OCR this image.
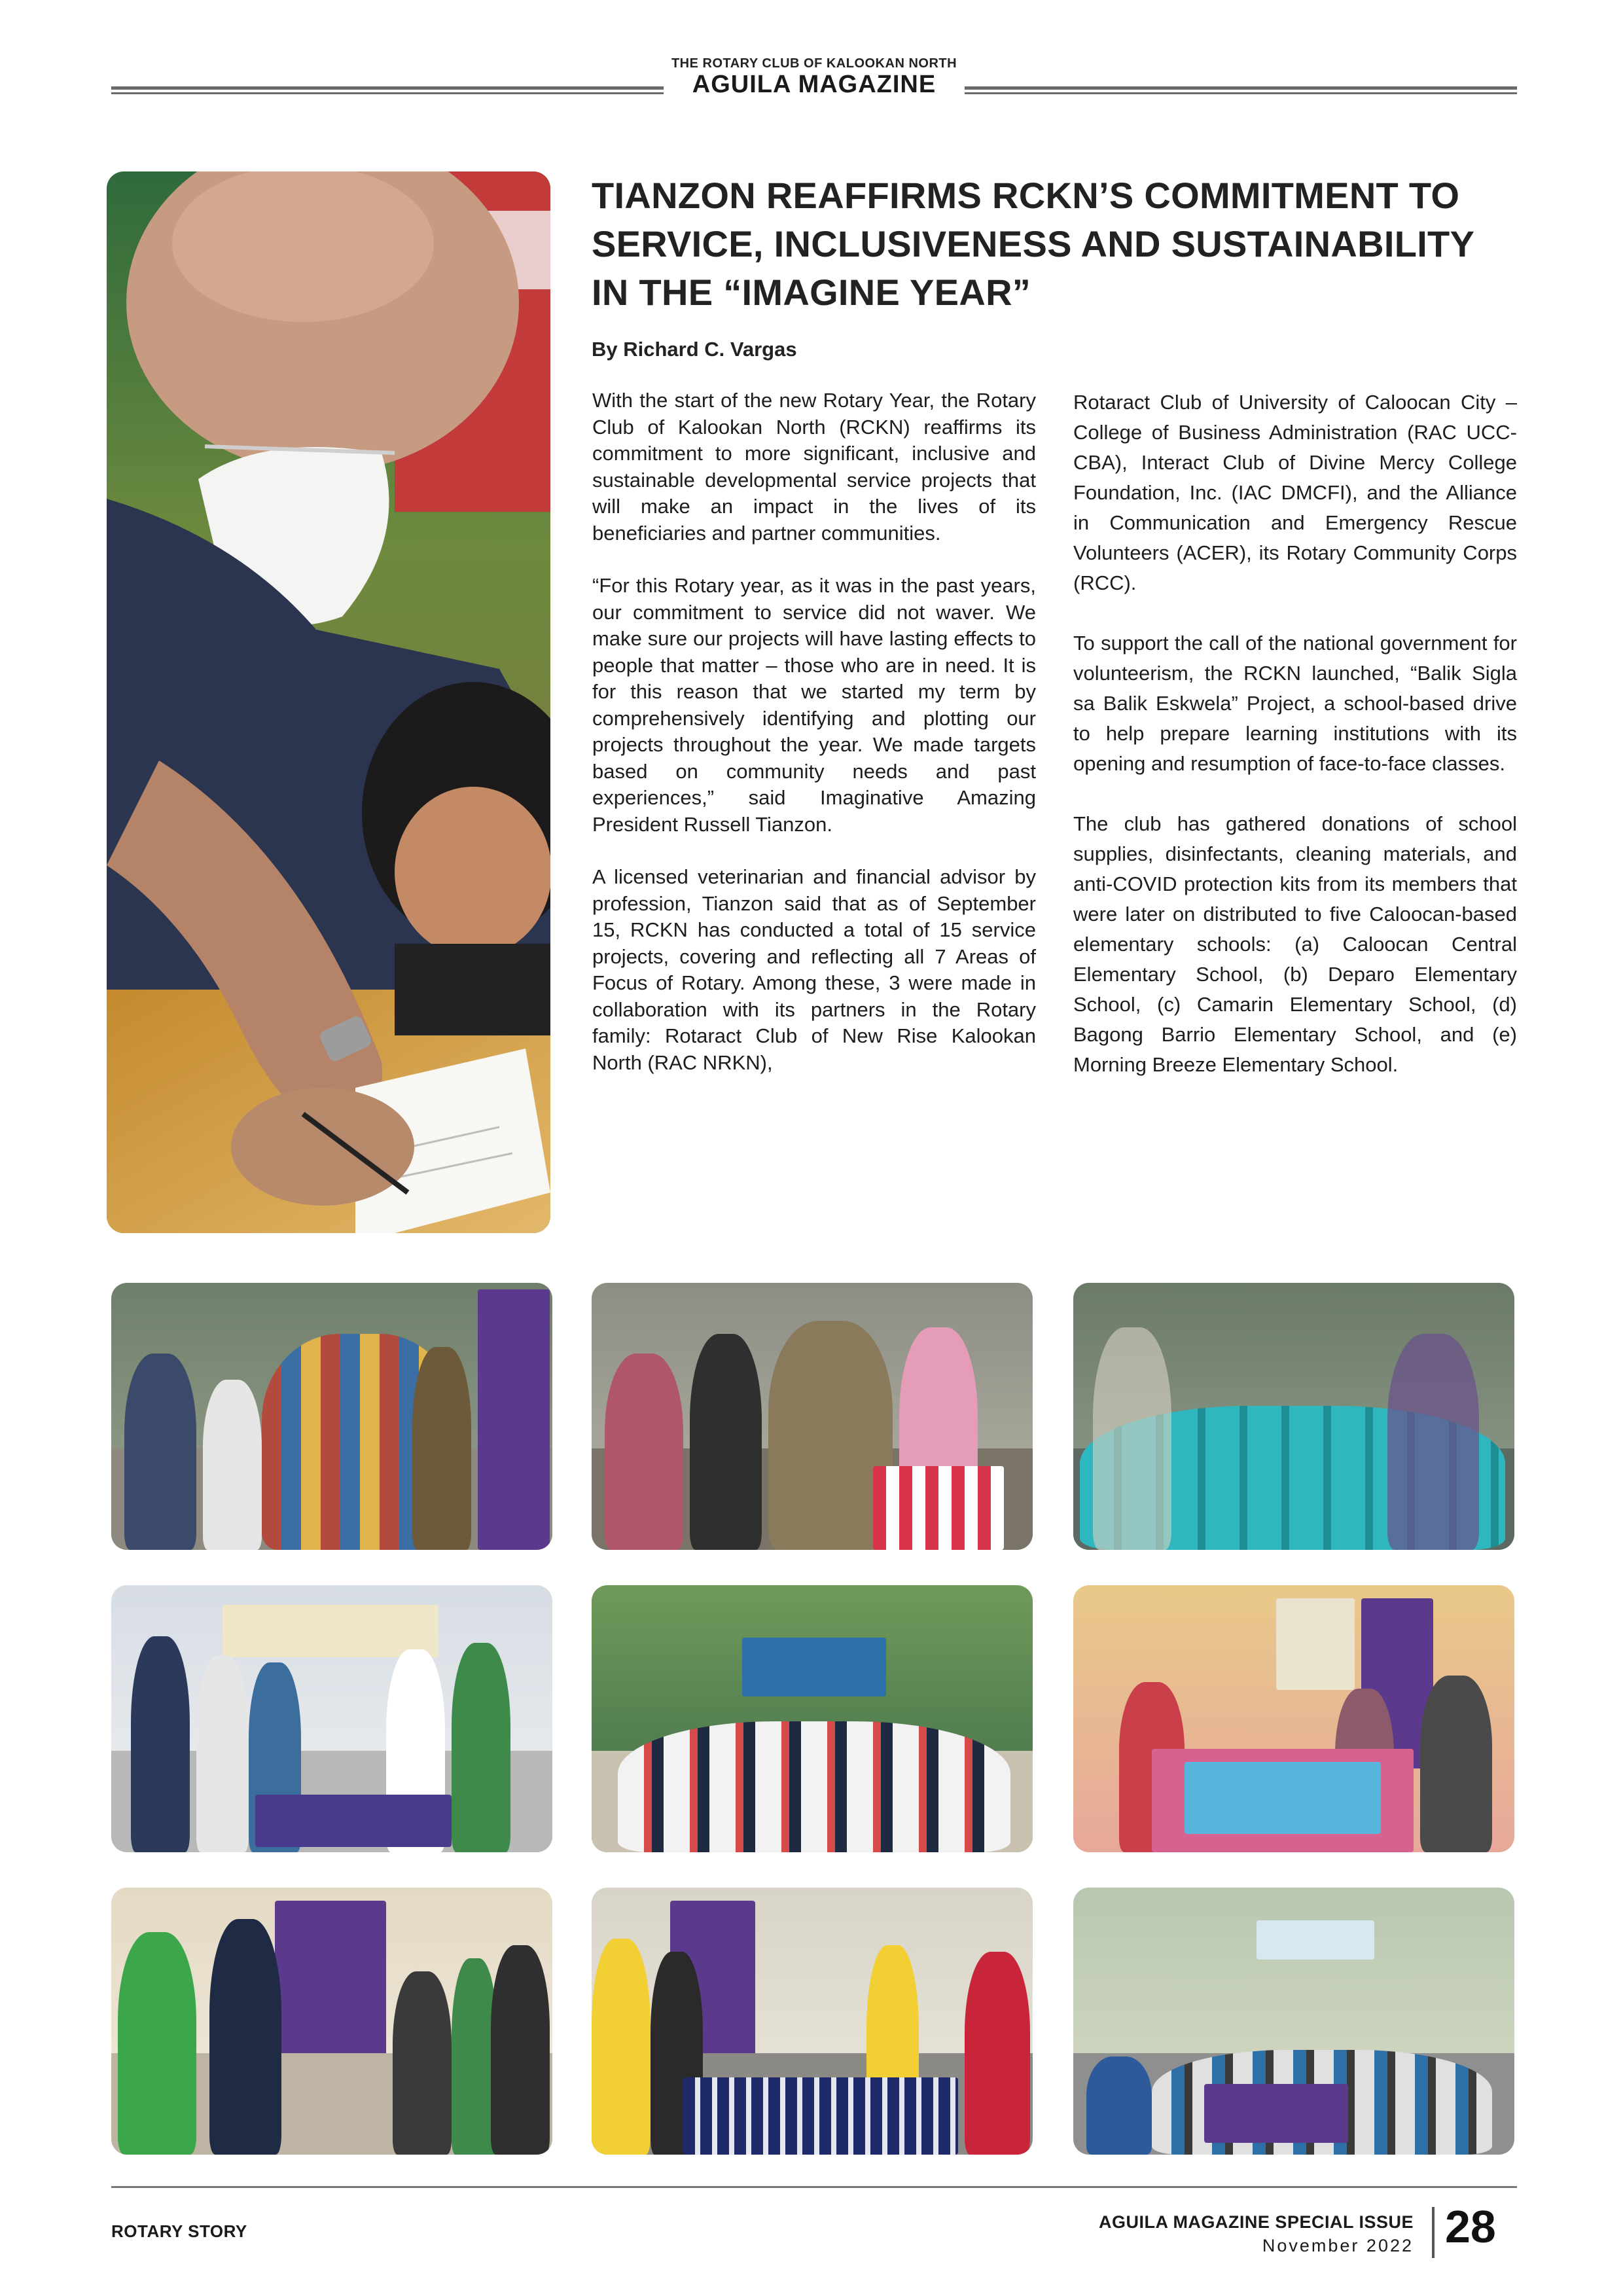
THE ROTARY CLUB OF KALOOKAN NORTH
AGUILA MAGAZINE
TIANZON REAFFIRMS RCKN’S COMMITMENT TO SERVICE, INCLUSIVENESS AND SUSTAINABILITY IN THE “IMAGINE YEAR”
By Richard C. Vargas

With the start of the new Rotary Year, the Rotary Club of Kalookan North (RCKN) reaffirms its commitment to more significant, inclusive and sustainable developmental service projects that will make an impact in the lives of its beneficiaries and partner communities.

“For this Rotary year, as it was in the past years, our commitment to service did not waver. We make sure our projects will have lasting effects to people that matter – those who are in need. It is for this reason that we started my term by comprehensively identifying and plotting our projects throughout the year. We made targets based on community needs and past experiences,” said Imaginative Amazing President Russell Tianzon.

A licensed veterinarian and financial advisor by profession, Tianzon said that as of September 15, RCKN has conducted a total of 15 service projects, covering and reflecting all 7 Areas of Focus of Rotary. Among these, 3 were made in collaboration with its partners in the Rotary family: Rotaract Club of New Rise Kalookan North (RAC NRKN),

Rotaract Club of University of Caloocan City – College of Business Administration (RAC UCC-CBA), Interact Club of Divine Mercy College Foundation, Inc. (IAC DMCFI), and the Alliance in Communication and Emergency Rescue Volunteers (ACER), its Rotary Community Corps (RCC).

To support the call of the national government for volunteerism, the RCKN launched, “Balik Sigla sa Balik Eskwela” Project, a school-based drive to help prepare learning institutions with its opening and resumption of face-to-face classes.

The club has gathered donations of school supplies, disinfectants, cleaning materials, and anti-COVID protection kits from its members that were later on distributed to five Caloocan-based elementary schools: (a) Caloocan Central Elementary School, (b) Deparo Elementary School, (c) Camarin Elementary School, (d) Bagong Barrio Elementary School, and (e) Morning Breeze Elementary School.

ROTARY STORY	AGUILA MAGAZINE SPECIAL ISSUE
November 2022 28
